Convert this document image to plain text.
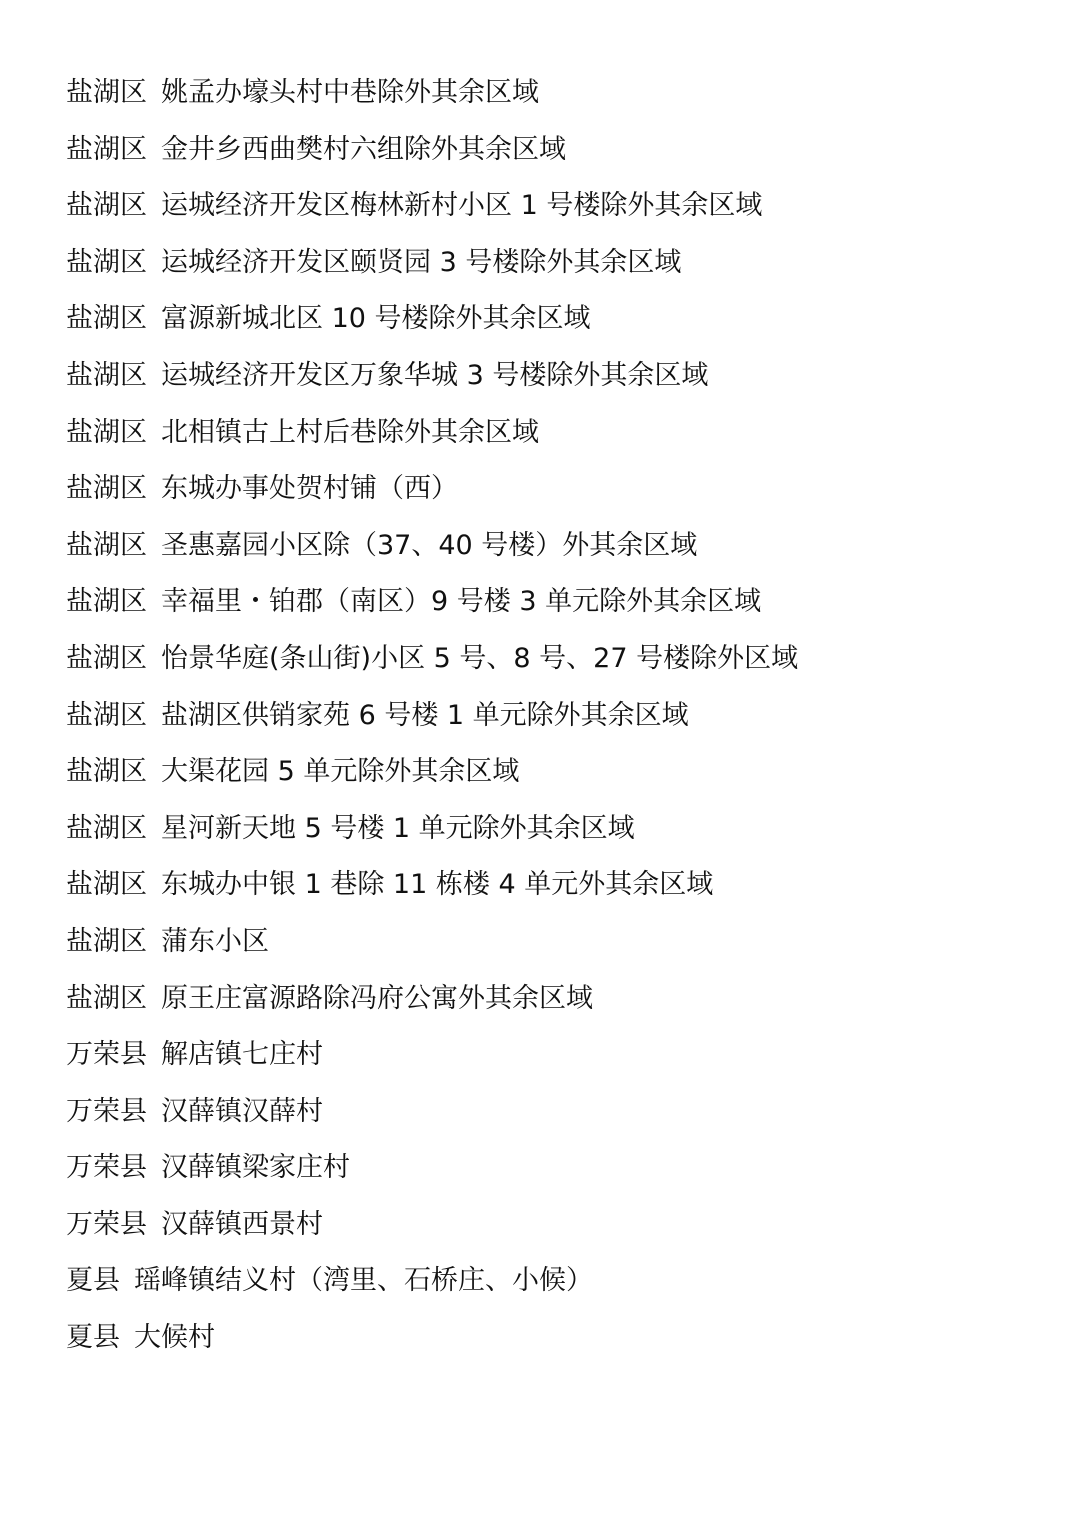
盐湖区 姚孟办壕头村中巷除外其余区域
盐湖区 金井乡西曲樊村六组除外其余区域
盐湖区 运城经济开发区梅林新村小区 1 号楼除外其余区域
盐湖区 运城经济开发区颐贤园 3 号楼除外其余区域
盐湖区 富源新城北区 10 号楼除外其余区域
盐湖区 运城经济开发区万象华城 3 号楼除外其余区域
盐湖区 北相镇古上村后巷除外其余区域
盐湖区 东城办事处贺村铺（西）
盐湖区 圣惠嘉园小区除（37、40 号楼）外其余区域
盐湖区 幸福里・铂郡（南区）9 号楼 3 单元除外其余区域
盐湖区 怡景华庭(条山街)小区 5 号、8 号、27 号楼除外区域
盐湖区 盐湖区供销家苑 6 号楼 1 单元除外其余区域
盐湖区 大渠花园 5 单元除外其余区域
盐湖区 星河新天地 5 号楼 1 单元除外其余区域
盐湖区 东城办中银 1 巷除 11 栋楼 4 单元外其余区域
盐湖区 蒲东小区
盐湖区 原王庄富源路除冯府公寓外其余区域
万荣县 解店镇七庄村
万荣县 汉薛镇汉薛村
万荣县 汉薛镇梁家庄村
万荣县 汉薛镇西景村
夏县 瑶峰镇结义村（湾里、石桥庄、小候）
夏县 大候村
